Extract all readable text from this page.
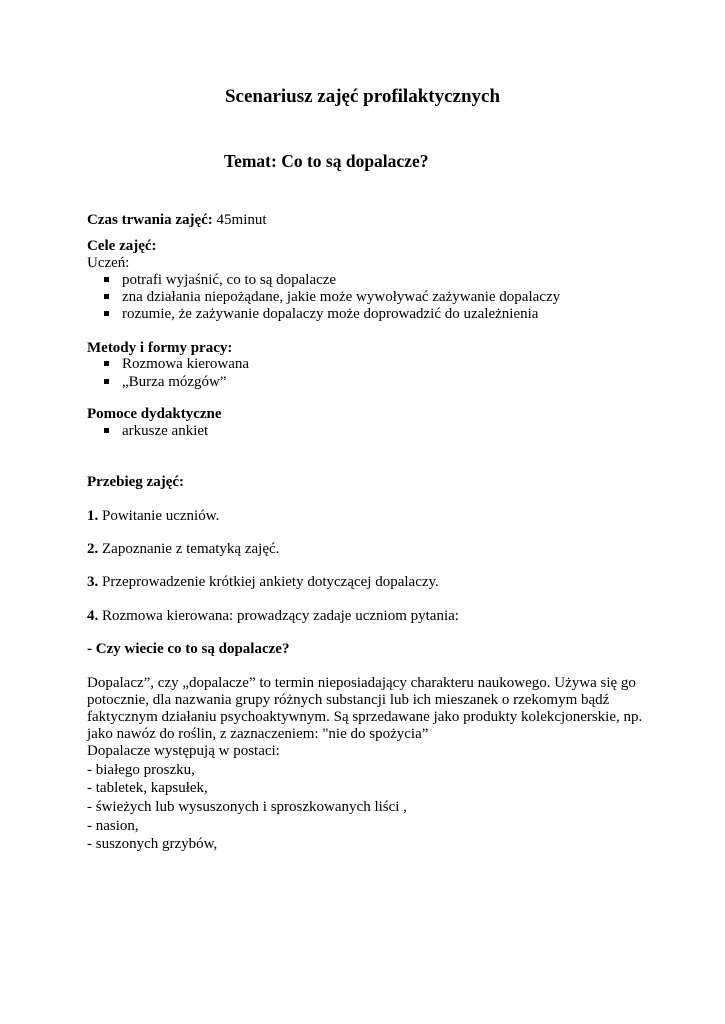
Scenariusz zajęć profilaktycznych
Temat: Co to są dopalacze?
Czas trwania zajęć: 45minut
Cele zajęć:
Uczeń:
potrafi wyjaśnić, co to są dopalacze
zna działania niepożądane, jakie może wywoływać zażywanie dopalaczy
rozumie, że zażywanie dopalaczy może doprowadzić do uzależnienia
Metody i formy pracy:
Rozmowa kierowana
„Burza mózgów”
Pomoce dydaktyczne
arkusze ankiet
Przebieg zajęć:
1. Powitanie uczniów.
2. Zapoznanie z tematyką zajęć.
3. Przeprowadzenie krótkiej ankiety dotyczącej dopalaczy.
4. Rozmowa kierowana: prowadzący zadaje uczniom pytania:
- Czy wiecie co to są dopalacze?
Dopalacz”, czy „dopalacze” to termin nieposiadający charakteru naukowego. Używa się go
potocznie, dla nazwania grupy różnych substancji lub ich mieszanek o rzekomym bądź
faktycznym działaniu psychoaktywnym. Są sprzedawane jako produkty kolekcjonerskie, np.
jako nawóz do roślin, z zaznaczeniem: "nie do spożycia”
Dopalacze występują w postaci:
- białego proszku,
- tabletek, kapsułek,
- świeżych lub wysuszonych i sproszkowanych liści ,
- nasion,
- suszonych grzybów,
